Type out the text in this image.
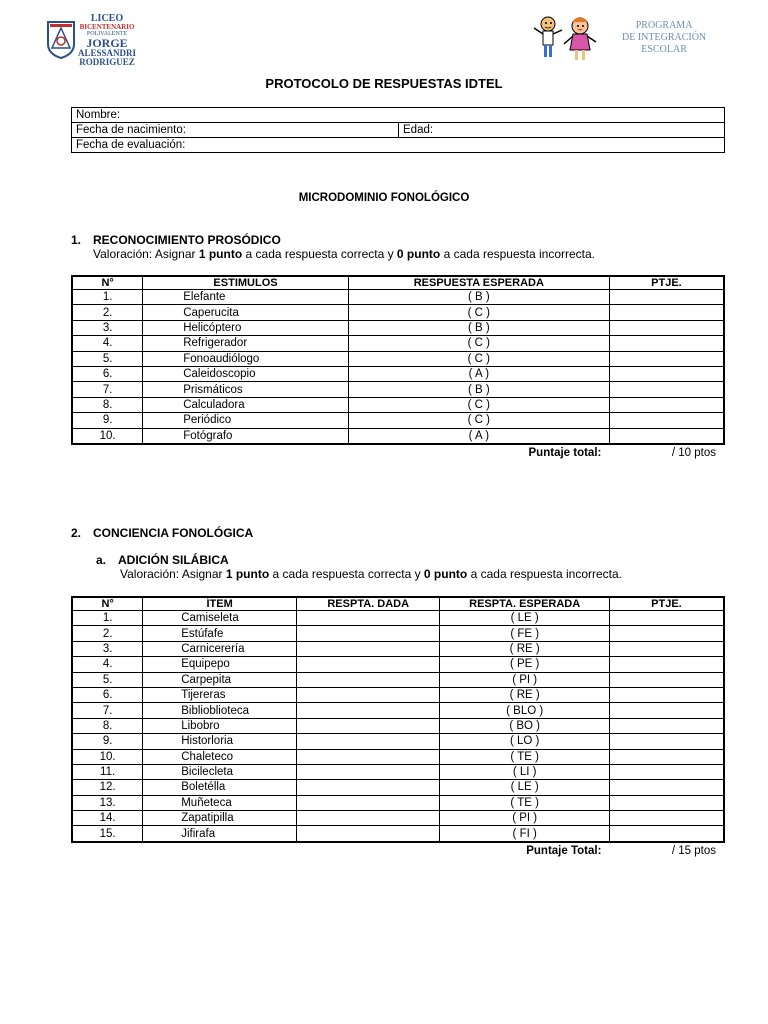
LICEO
BICENTENARIO
POLIVALENTE
JORGE
ALESSANDRI
RODRIGUEZ
PROGRAMA
DE INTEGRACIÓN
ESCOLAR
PROTOCOLO DE RESPUESTAS IDTEL
Nombre:
Fecha de nacimiento:	Edad:
Fecha de evaluación:
MICRODOMINIO FONOLÓGICO
1. RECONOCIMIENTO PROSÓDICO
Valoración: Asignar 1 punto a cada respuesta correcta y 0 punto a cada respuesta incorrecta.
N°	ESTIMULOS	RESPUESTA ESPERADA	PTJE.
1.	Elefante	( B )	
2.	Caperucita	( C )	
3.	Helicóptero	( B )	
4.	Refrigerador	( C )	
5.	Fonoaudiólogo	( C )	
6.	Caleidoscopio	( A )	
7.	Prismáticos	( B )	
8.	Calculadora	( C )	
9.	Periódico	( C )	
10.	Fotógrafo	( A )	
Puntaje total:			/ 10 ptos
2. CONCIENCIA FONOLÓGICA
a. ADICIÓN SILÁBICA
Valoración: Asignar 1 punto a cada respuesta correcta y 0 punto a cada respuesta incorrecta.
N°	ÍTEM	RESPTA. DADA	RESPTA. ESPERADA	PTJE.
1.	Camiseleta		( LE )	
2.	Estúfafe		( FE )	
3.	Carnicerería		( RE )	
4.	Equipepo		( PE )	
5.	Carpepita		( PI )	
6.	Tijereras		( RE )	
7.	Biblioblioteca		( BLO )	
8.	Libobro		( BO )	
9.	Historloria		( LO )	
10.	Chaleteco		( TE )	
11.	Bicilecleta		( LI )	
12.	Boletélla		( LE )	
13.	Muñeteca		( TE )	
14.	Zapatipilla		( PI )	
15.	Jifirafa		( FI )	
Puntaje Total:				/ 15 ptos
